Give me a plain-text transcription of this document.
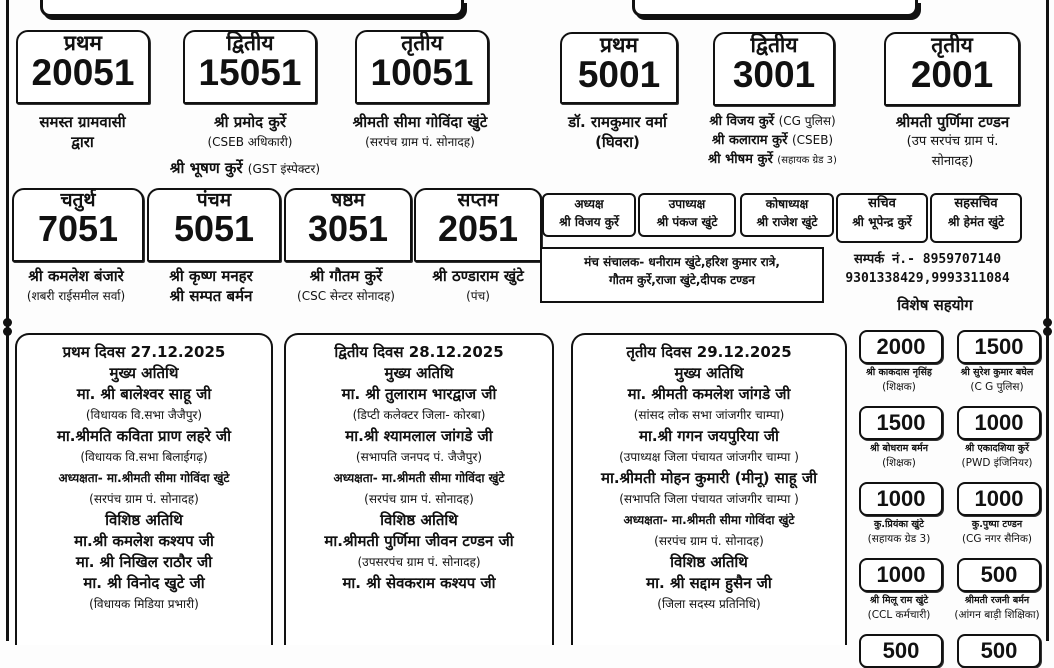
प्रथम
20051
समस्त ग्रामवासी
द्वारा
द्वितीय
15051
श्री प्रमोद कुर्रे
(CSEB अधिकारी)
तृतीय
10051
श्रीमती सीमा गोविंदा खुंटे
(सरपंच ग्राम पं. सोनादह)
श्री भूषण कुर्रे (GST इंस्पेक्टर)
चतुर्थ
7051
श्री कमलेश बंजारे
(शबरी राईसमील सर्वा)
पंचम
5051
श्री कृष्ण मनहर
श्री सम्पत बर्मन
षष्ठम
3051
श्री गौतम कुर्रे
(CSC सेन्टर सोनादह)
सप्तम
2051
श्री ठण्डाराम खुंटे
(पंच)
प्रथम
5001
डॉ. रामकुमार वर्मा
(घिवरा)
द्वितीय
3001
श्री विजय कुर्रे (CG पुलिस)
श्री कलाराम कुर्रे (CSEB)
श्री भीषम कुर्रे (सहायक ग्रेड 3)
तृतीय
2001
श्रीमती पुर्णिमा टण्डन
(उप सरपंच ग्राम पं.
सोनादह)
अध्यक्ष
श्री विजय कुर्रे
उपाध्यक्ष
श्री पंकज खुंटे
कोषाध्यक्ष
श्री राजेश खुंटे
सचिव
श्री भूपेन्द्र कुर्रे
सहसचिव
श्री हेमंत खुंटे
मंच संचालक- धनीराम खुंटे,हरिश कुमार रात्रे,
गौतम कुर्रे,राजा खुंटे,दीपक टण्डन
सम्पर्क नं.- 8959707140
9301338429,9993311084
विशेष सहयोग
प्रथम दिवस 27.12.2025
मुख्य अतिथि
मा. श्री बालेश्वर साहू जी
(विधायक वि.सभा जैजैपुर)
मा.श्रीमति कविता प्राण लहरे जी
(विधायक वि.सभा बिलाईगढ़)
अध्यक्षता- मा.श्रीमती सीमा गोविंदा खुंटे
(सरपंच ग्राम पं. सोनादह)
विशिष्ठ अतिथि
मा.श्री कमलेश कश्यप जी
मा. श्री निखिल राठौर जी
मा. श्री विनोद खुटे जी
(विधायक मिडिया प्रभारी)
द्वितीय दिवस 28.12.2025
मुख्य अतिथि
मा. श्री तुलाराम भारद्वाज जी
(डिप्टी कलेक्टर जिला- कोरबा)
मा.श्री श्यामलाल जांगडे जी
(सभापति जनपद पं. जैजैपुर)
अध्यक्षता- मा.श्रीमती सीमा गोविंदा खुंटे
(सरपंच ग्राम पं. सोनादह)
विशिष्ठ अतिथि
मा.श्रीमती पुर्णिमा जीवन टण्डन जी
(उपसरपंच ग्राम पं. सोनादह)
मा. श्री सेवकराम कश्यप जी
तृतीय दिवस 29.12.2025
मुख्य अतिथि
मा. श्रीमती कमलेश जांगडे जी
(सांसद लोक सभा जांजगीर चाम्पा)
मा.श्री गगन जयपुरिया जी
(उपाध्यक्ष जिला पंचायत जांजगीर चाम्पा )
मा.श्रीमती मोहन कुमारी (मीनू) साहू जी
(सभापति जिला पंचायत जांजगीर चाम्पा )
अध्यक्षता- मा.श्रीमती सीमा गोविंदा खुंटे
(सरपंच ग्राम पं. सोनादह)
विशिष्ठ अतिथि
मा. श्री सद्दाम हुसैन जी
(जिला सदस्य प्रतिनिधि)
2000
श्री काकदास नृसिंह
(शिक्षक)
1500
श्री सुरेश कुमार बघेल
(C G पुलिस)
1500
श्री बोधराम बर्मन
(शिक्षक)
1000
श्री एकादशिया कुर्रे
(PWD इंजिनियर)
1000
कु.प्रियंका खुंटे
(सहायक ग्रेड 3)
1000
कु.पुष्पा टण्डन
(CG नगर सैनिक)
1000
श्री मिलू राम खुंटे
(CCL कर्मचारी)
500
श्रीमती रजनी बर्मन
(आंगन बाड़ी शिक्षिका)
500	500
